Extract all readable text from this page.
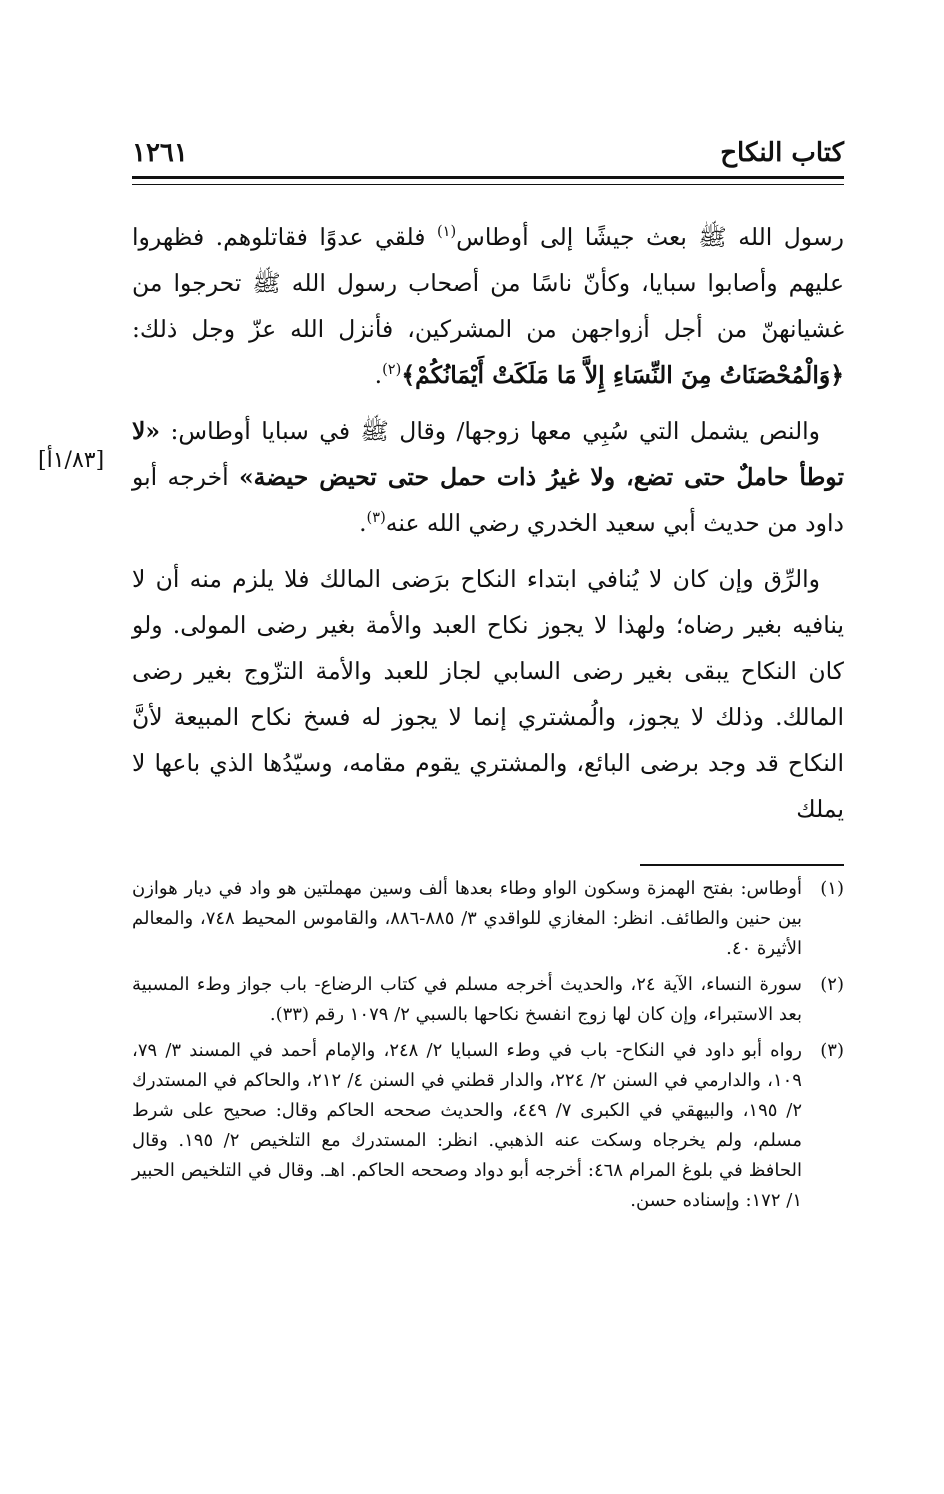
كتاب النكاح
١٢٦١
[١/٨٣أ]

رسول الله ﷺ بعث جيشًا إلى أوطاس$^{(١)}$ فلقي عدوًا فقاتلوهم. فظهروا عليهم وأصابوا سبايا، وكأنّ ناسًا من أصحاب رسول الله ﷺ تحرجوا من غشيانهنّ من أجل أزواجهن من المشركين، فأنزل الله عزّ وجل ذلك: ﴿وَالْمُحْصَنَاتُ مِنَ النِّسَاءِ إِلاَّ مَا مَلَكَتْ أَيْمَانُكُمْ﴾$^{(٢)}$.

والنص يشمل التي سُبِي معها زوجها/ وقال ﷺ في سبايا أوطاس: «لا توطأ حاملٌ حتى تضع، ولا غيرُ ذات حمل حتى تحيض حيضة» أخرجه أبو داود من حديث أبي سعيد الخدري رضي الله عنه$^{(٣)}$.

والرِّق وإن كان لا يُنافي ابتداء النكاح برَضى المالك فلا يلزم منه أن لا ينافيه بغير رضاه؛ ولهذا لا يجوز نكاح العبد والأمة بغير رضى المولى. ولو كان النكاح يبقى بغير رضى السابي لجاز للعبد والأمة التزّوج بغير رضى المالك. وذلك لا يجوز، والُمشتري إنما لا يجوز له فسخ نكاح المبيعة لأنَّ النكاح قد وجد برضى البائع، والمشتري يقوم مقامه، وسيّدُها الذي باعها لا يملك

(١)
أوطاس: بفتح الهمزة وسكون الواو وطاء بعدها ألف وسين مهملتين هو واد في ديار هوازن بين حنين والطائف. انظر: المغازي للواقدي ٣/ ٨٨٥-٨٨٦، والقاموس المحيط ٧٤٨، والمعالم الأثيرة ٤٠.
(٢)
سورة النساء، الآية ٢٤، والحديث أخرجه مسلم في كتاب الرضاع- باب جواز وطء المسبية بعد الاستبراء، وإن كان لها زوج انفسخ نكاحها بالسبي ٢/ ١٠٧٩ رقم (٣٣).
(٣)
رواه أبو داود في النكاح- باب في وطء السبايا ٢/ ٢٤٨، والإمام أحمد في المسند ٣/ ٧٩، ١٠٩، والدارمي في السنن ٢/ ٢٢٤، والدار قطني في السنن ٤/ ٢١٢، والحاكم في المستدرك ٢/ ١٩٥، والبيهقي في الكبرى ٧/ ٤٤٩، والحديث صححه الحاكم وقال: صحيح على شرط مسلم، ولم يخرجاه وسكت عنه الذهبي. انظر: المستدرك مع التلخيص ٢/ ١٩٥. وقال الحافظ في بلوغ المرام ٤٦٨: أخرجه أبو دواد وصححه الحاكم. اهـ. وقال في التلخيص الحبير ١/ ١٧٢: وإسناده حسن.
